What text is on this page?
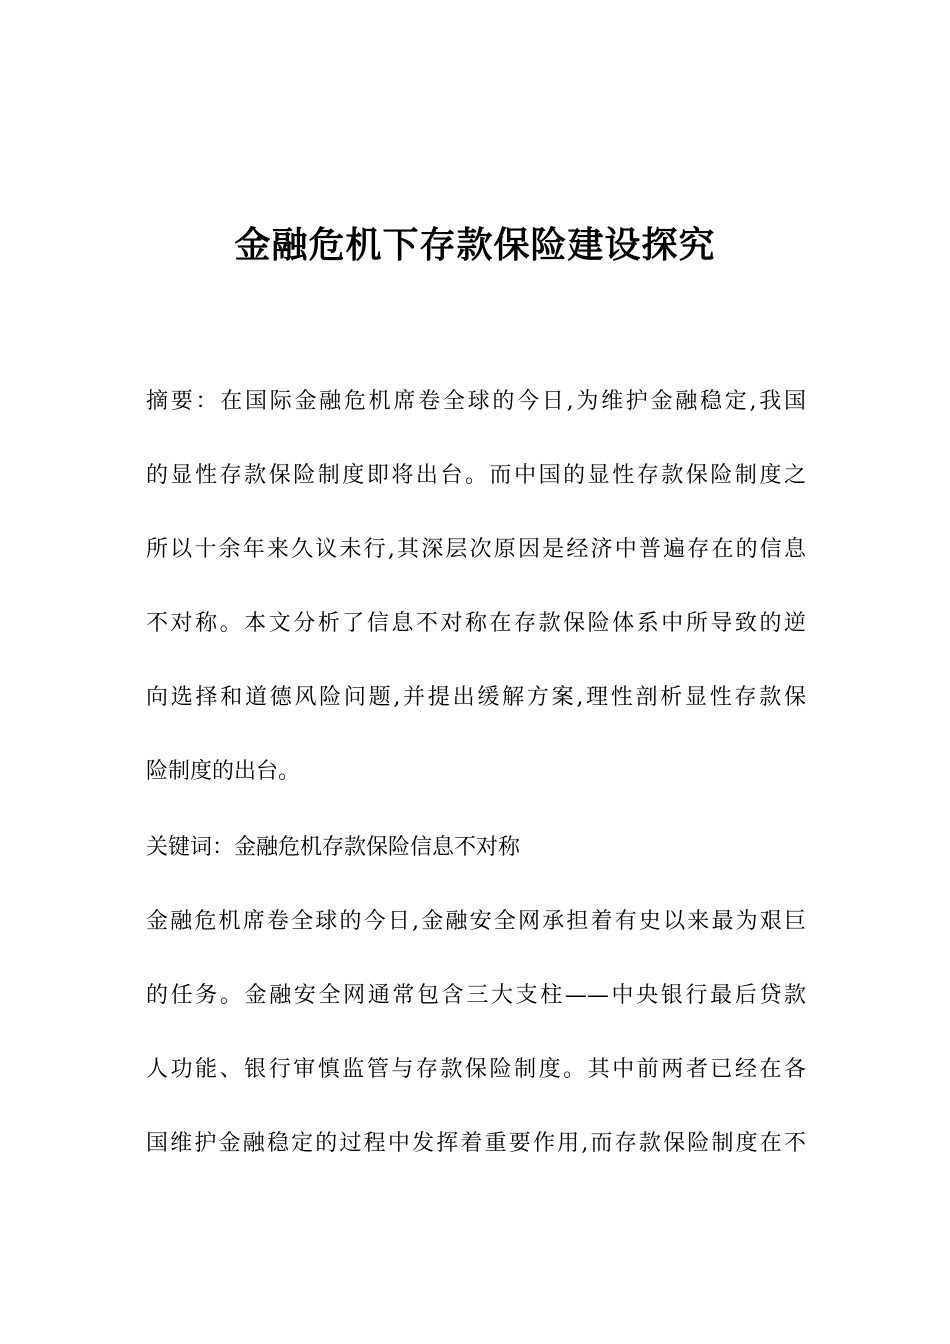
金融危机下存款保险建设探究
摘要：在国际金融危机席卷全球的今日,为维护金融稳定,我国
的显性存款保险制度即将出台。而中国的显性存款保险制度之
所以十余年来久议未行,其深层次原因是经济中普遍存在的信息
不对称。本文分析了信息不对称在存款保险体系中所导致的逆
向选择和道德风险问题,并提出缓解方案,理性剖析显性存款保
险制度的出台。
关键词：金融危机存款保险信息不对称
金融危机席卷全球的今日,金融安全网承担着有史以来最为艰巨
的任务。金融安全网通常包含三大支柱——中央银行最后贷款
人功能、银行审慎监管与存款保险制度。其中前两者已经在各
国维护金融稳定的过程中发挥着重要作用,而存款保险制度在不
